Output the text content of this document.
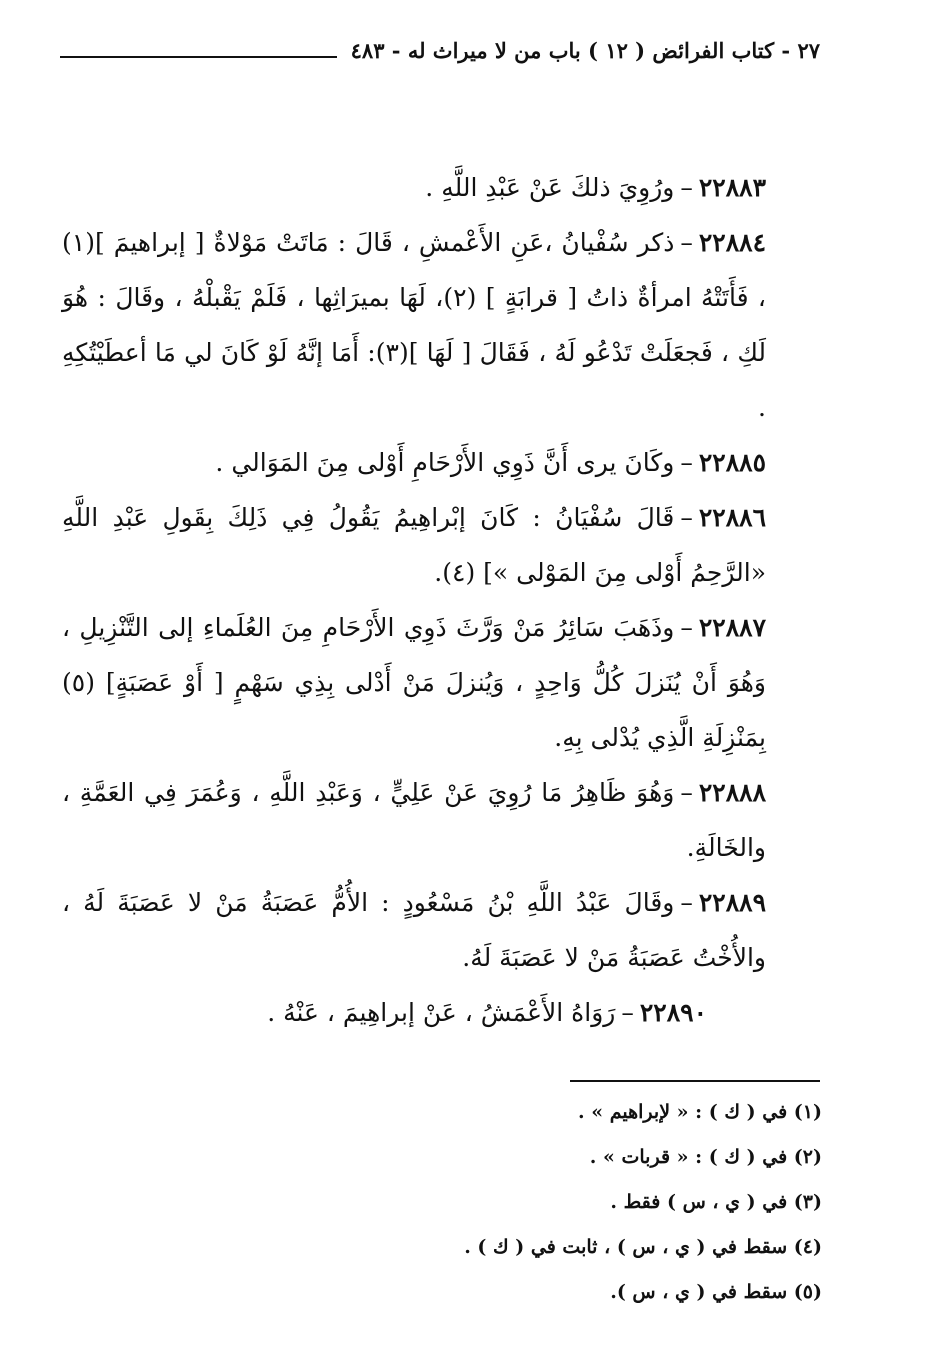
٢٧ - كتاب الفرائض ( ١٢ ) باب من لا ميراث له - ٤٨٣

٢٢٨٨٣–ورُوِيَ ذلكَ عَنْ عَبْدِ اللَّهِ .

٢٢٨٨٤–ذكر سُفْيانُ ،عَنِ الأَعْمشِ ، قَالَ : مَاتَتْ مَوْلاةٌ [ إبراهيمَ ](١) ، فَأَتَتْهُ امرأةٌ ذاتُ [ قرابَةٍ ] (٢)، لَهَا بميرَاثِها ، فَلَمْ يَقْبلْهُ ، وقَالَ : هُوَ لَكِ ، فَجعَلَتْ تَدْعُو لَهُ ، فَقَالَ [ لَهَا ](٣): أَمَا إنَّهُ لَوْ كَانَ لي مَا أعطَيْتُكِهِ .

٢٢٨٨٥–وكَانَ يرى أَنَّ ذَوِي الأَرْحَامِ أَوْلى مِنَ المَوَالي .

٢٢٨٨٦–قَالَ سُفْيَانُ : كَانَ إبْراهِيمُ يَقُولُ فِي ذَلِكَ بِقَولِ عَبْدِ اللَّهِ «الرَّحِمُ أَوْلى مِنَ المَوْلى »] (٤).

٢٢٨٨٧–وذَهَبَ سَائِرُ مَنْ وَرَّثَ ذَوِي الأَرْحَامِ مِنَ العُلَماءِ إلى التَّنْزِيلِ ، وَهُوَ أَنْ يُنَزلَ كُلُّ وَاحِدٍ ، وَيُنزلَ مَنْ أَدْلى بِذِي سَهْمٍ [ أَوْ عَصَبَةٍ] (٥) بِمَنْزِلَةِ الَّذِي يُدْلى بِهِ.

٢٢٨٨٨–وَهُوَ ظَاهِرُ مَا رُوِيَ عَنْ عَلِيٍّ ، وَعَبْدِ اللَّهِ ، وَعُمَرَ فِي العَمَّةِ ، والخَالَةِ.

٢٢٨٨٩–وقَالَ عَبْدُ اللَّهِ بْنُ مَسْعُودٍ : الأُمُّ عَصَبَةُ مَنْ لا عَصَبَةَ لَهُ ، والأُخْتُ عَصَبَةُ مَنْ لا عَصَبَةَ لَهُ.

٢٢٨٩٠–رَوَاهُ الأَعْمَشُ ، عَنْ إبراهِيمَ ، عَنْهُ .

(١) في ( ك ) : « لإبراهيم » .

(٢) في ( ك ) : « قربات » .

(٣) في ( ي ، س ) فقط .

(٤) سقط في ( ي ، س ) ، ثابت في ( ك ) .

(٥) سقط في ( ي ، س ).
